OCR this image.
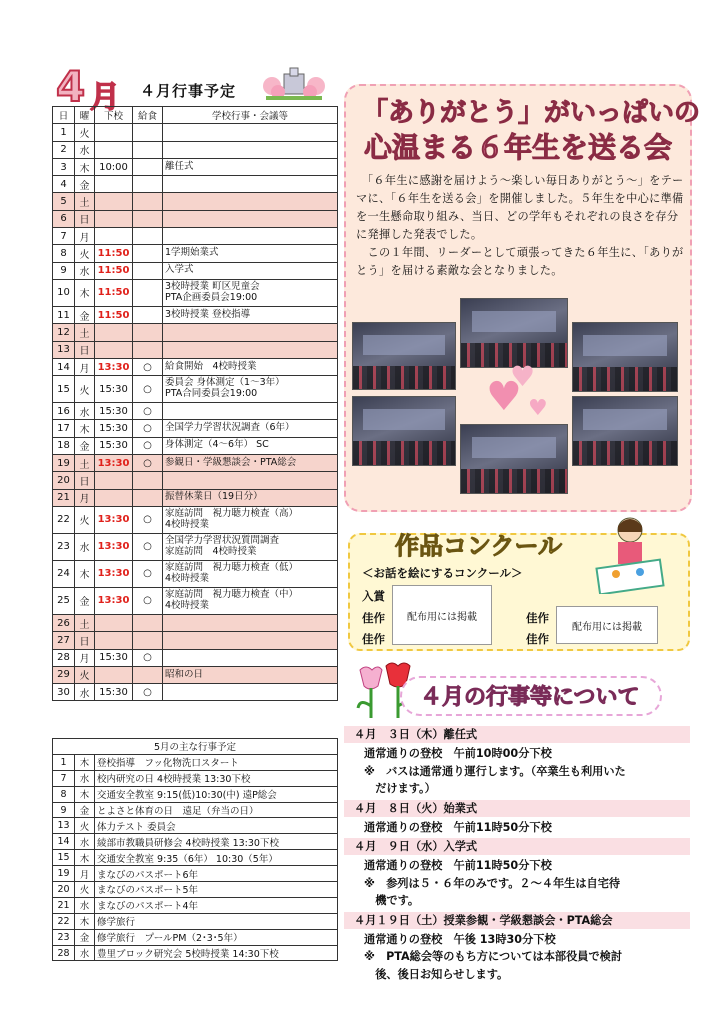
4 月 ４月行事予定
日	曜	下校	給食	学校行事・会議等
1	火			
2	水			
3	木	10:00		離任式
4	金			
5	土			
6	日			
7	月			
8	火	11:50		1学期始業式
9	水	11:50		入学式
10	木	11:50		3校時授業 町区児童会
PTA企画委員会19:00
11	金	11:50		3校時授業 登校指導
12	土			
13	日			
14	月	13:30	○	給食開始　4校時授業
15	火	15:30	○	委員会 身体測定（1～3年）
PTA合同委員会19:00
16	水	15:30	○	
17	木	15:30	○	全国学力学習状況調査（6年）
18	金	15:30	○	身体測定（4～6年） SC
19	土	13:30	○	参観日・学級懇談会・PTA総会
20	日			
21	月			振替休業日（19日分）
22	火	13:30	○	家庭訪問　視力聴力検査（高）
4校時授業
23	水	13:30	○	全国学力学習状況質問調査
家庭訪問　4校時授業
24	木	13:30	○	家庭訪問　視力聴力検査（低）
4校時授業
25	金	13:30	○	家庭訪問　視力聴力検査（中）
4校時授業
26	土			
27	日			
28	月	15:30	○	
29	火			昭和の日
30	水	15:30	○	
5月の主な行事予定		
1	木	登校指導　フッ化物洗口スタート
7	水	校内研究の日 4校時授業 13:30下校
8	木	交通安全教室 9:15(低)10:30(中) 遠P総会
9	金	とよさと体育の日　遠足（弁当の日）
13	火	体力テスト 委員会
14	水	綾部市教職員研修会 4校時授業 13:30下校
15	木	交通安全教室 9:35（6年） 10:30（5年）
19	月	まなびのパスポート6年
20	火	まなびのパスポート5年
21	水	まなびのパスポート4年
22	木	修学旅行
23	金	修学旅行　プールPM（2･3･5年）
28	水	豊里ブロック研究会 5校時授業 14:30下校
「ありがとう」がいっぱいの
心温まる６年生を送る会
　「６年生に感謝を届けよう～楽しい毎日ありがとう～」をテーマに、「６年生を送る会」を開催しました。５年生を中心に準備を一生懸命取り組み、当日、どの学年もそれぞれの良さを存分に発揮した発表でした。
　この１年間、リーダーとして頑張ってきた６年生に、「ありがとう」を届ける素敵な会となりました。
♥
♥
♥
作品コンクール
＜お話を絵にするコンクール＞
入賞
佳作
佳作
配布用には掲載	佳作
佳作
配布用には掲載
４月の行事等について
４月　３日（木）離任式
通常通りの登校　午前10時00分下校
※　バスは通常通り運行します。（卒業生も利用いた
　だけます。）
４月　８日（火）始業式
通常通りの登校　午前11時50分下校
４月　９日（水）入学式
通常通りの登校　午前11時50分下校
※　参列は５・６年のみです。２～４年生は自宅待
　機です。
４月１９日（土）授業参観・学級懇談会・PTA総会
通常通りの登校　午後 13時30分下校
※　PTA総会等のもち方については本部役員で検討
　後、後日お知らせします。
